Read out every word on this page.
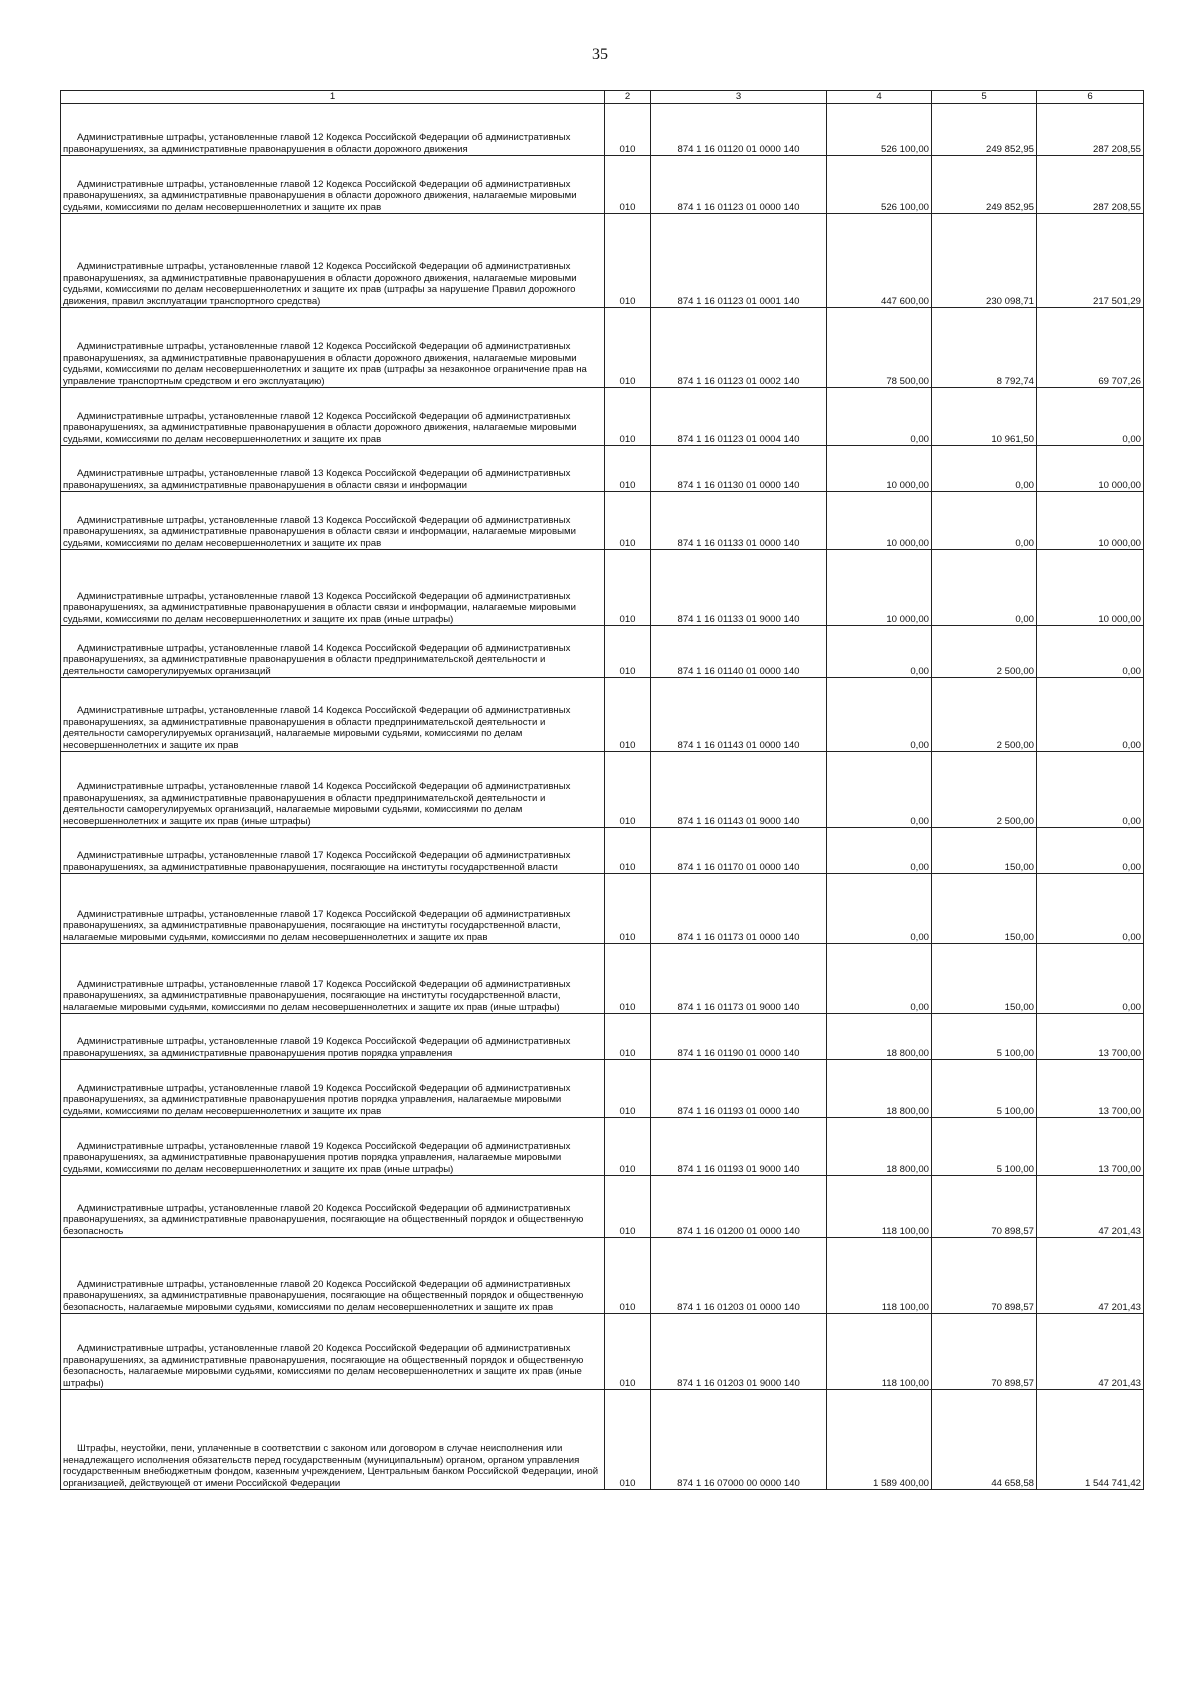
35
1	2	3	4	5	6
Административные штрафы, установленные главой 12 Кодекса Российской Федерации об административных правонарушениях, за административные правонарушения в области дорожного движения	010	874 1 16 01120 01 0000 140	526 100,00	249 852,95	287 208,55
Административные штрафы, установленные главой 12 Кодекса Российской Федерации об административных правонарушениях, за административные правонарушения в области дорожного движения, налагаемые мировыми судьями, комиссиями по делам несовершеннолетних и защите их прав	010	874 1 16 01123 01 0000 140	526 100,00	249 852,95	287 208,55
Административные штрафы, установленные главой 12 Кодекса Российской Федерации об административных правонарушениях, за административные правонарушения в области дорожного движения, налагаемые мировыми судьями, комиссиями по делам несовершеннолетних и защите их прав (штрафы за нарушение Правил дорожного движения, правил эксплуатации транспортного средства)	010	874 1 16 01123 01 0001 140	447 600,00	230 098,71	217 501,29
Административные штрафы, установленные главой 12 Кодекса Российской Федерации об административных правонарушениях, за административные правонарушения в области дорожного движения, налагаемые мировыми судьями, комиссиями по делам несовершеннолетних и защите их прав (штрафы за незаконное ограничение прав на управление транспортным средством и его эксплуатацию)	010	874 1 16 01123 01 0002 140	78 500,00	8 792,74	69 707,26
Административные штрафы, установленные главой 12 Кодекса Российской Федерации об административных правонарушениях, за административные правонарушения в области дорожного движения, налагаемые мировыми судьями, комиссиями по делам несовершеннолетних и защите их прав	010	874 1 16 01123 01 0004 140	0,00	10 961,50	0,00
Административные штрафы, установленные главой 13 Кодекса Российской Федерации об административных правонарушениях, за административные правонарушения в области связи и информации	010	874 1 16 01130 01 0000 140	10 000,00	0,00	10 000,00
Административные штрафы, установленные главой 13 Кодекса Российской Федерации об административных правонарушениях, за административные правонарушения в области связи и информации, налагаемые мировыми судьями, комиссиями по делам несовершеннолетних и защите их прав	010	874 1 16 01133 01 0000 140	10 000,00	0,00	10 000,00
Административные штрафы, установленные главой 13 Кодекса Российской Федерации об административных правонарушениях, за административные правонарушения в области связи и информации, налагаемые мировыми судьями, комиссиями по делам несовершеннолетних и защите их прав (иные штрафы)	010	874 1 16 01133 01 9000 140	10 000,00	0,00	10 000,00
Административные штрафы, установленные главой 14 Кодекса Российской Федерации об административных правонарушениях, за административные правонарушения в области предпринимательской деятельности и деятельности саморегулируемых организаций	010	874 1 16 01140 01 0000 140	0,00	2 500,00	0,00
Административные штрафы, установленные главой 14 Кодекса Российской Федерации об административных правонарушениях, за административные правонарушения в области предпринимательской деятельности и деятельности саморегулируемых организаций, налагаемые мировыми судьями, комиссиями по делам несовершеннолетних и защите их прав	010	874 1 16 01143 01 0000 140	0,00	2 500,00	0,00
Административные штрафы, установленные главой 14 Кодекса Российской Федерации об административных правонарушениях, за административные правонарушения в области предпринимательской деятельности и деятельности саморегулируемых организаций, налагаемые мировыми судьями, комиссиями по делам несовершеннолетних и защите их прав (иные штрафы)	010	874 1 16 01143 01 9000 140	0,00	2 500,00	0,00
Административные штрафы, установленные главой 17 Кодекса Российской Федерации об административных правонарушениях, за административные правонарушения, посягающие на институты государственной власти	010	874 1 16 01170 01 0000 140	0,00	150,00	0,00
Административные штрафы, установленные главой 17 Кодекса Российской Федерации об административных правонарушениях, за административные правонарушения, посягающие на институты государственной власти, налагаемые мировыми судьями, комиссиями по делам несовершеннолетних и защите их прав	010	874 1 16 01173 01 0000 140	0,00	150,00	0,00
Административные штрафы, установленные главой 17 Кодекса Российской Федерации об административных правонарушениях, за административные правонарушения, посягающие на институты государственной власти, налагаемые мировыми судьями, комиссиями по делам несовершеннолетних и защите их прав (иные штрафы)	010	874 1 16 01173 01 9000 140	0,00	150,00	0,00
Административные штрафы, установленные главой 19 Кодекса Российской Федерации об административных правонарушениях, за административные правонарушения против порядка управления	010	874 1 16 01190 01 0000 140	18 800,00	5 100,00	13 700,00
Административные штрафы, установленные главой 19 Кодекса Российской Федерации об административных правонарушениях, за административные правонарушения против порядка управления, налагаемые мировыми судьями, комиссиями по делам несовершеннолетних и защите их прав	010	874 1 16 01193 01 0000 140	18 800,00	5 100,00	13 700,00
Административные штрафы, установленные главой 19 Кодекса Российской Федерации об административных правонарушениях, за административные правонарушения против порядка управления, налагаемые мировыми судьями, комиссиями по делам несовершеннолетних и защите их прав (иные штрафы)	010	874 1 16 01193 01 9000 140	18 800,00	5 100,00	13 700,00
Административные штрафы, установленные главой 20 Кодекса Российской Федерации об административных правонарушениях, за административные правонарушения, посягающие на общественный порядок и общественную безопасность	010	874 1 16 01200 01 0000 140	118 100,00	70 898,57	47 201,43
Административные штрафы, установленные главой 20 Кодекса Российской Федерации об административных правонарушениях, за административные правонарушения, посягающие на общественный порядок и общественную безопасность, налагаемые мировыми судьями, комиссиями по делам несовершеннолетних и защите их прав	010	874 1 16 01203 01 0000 140	118 100,00	70 898,57	47 201,43
Административные штрафы, установленные главой 20 Кодекса Российской Федерации об административных правонарушениях, за административные правонарушения, посягающие на общественный порядок и общественную безопасность, налагаемые мировыми судьями, комиссиями по делам несовершеннолетних и защите их прав (иные штрафы)	010	874 1 16 01203 01 9000 140	118 100,00	70 898,57	47 201,43
Штрафы, неустойки, пени, уплаченные в соответствии с законом или договором в случае неисполнения или ненадлежащего исполнения обязательств перед государственным (муниципальным) органом, органом управления государственным внебюджетным фондом, казенным учреждением, Центральным банком Российской Федерации, иной организацией, действующей от имени Российской Федерации	010	874 1 16 07000 00 0000 140	1 589 400,00	44 658,58	1 544 741,42
